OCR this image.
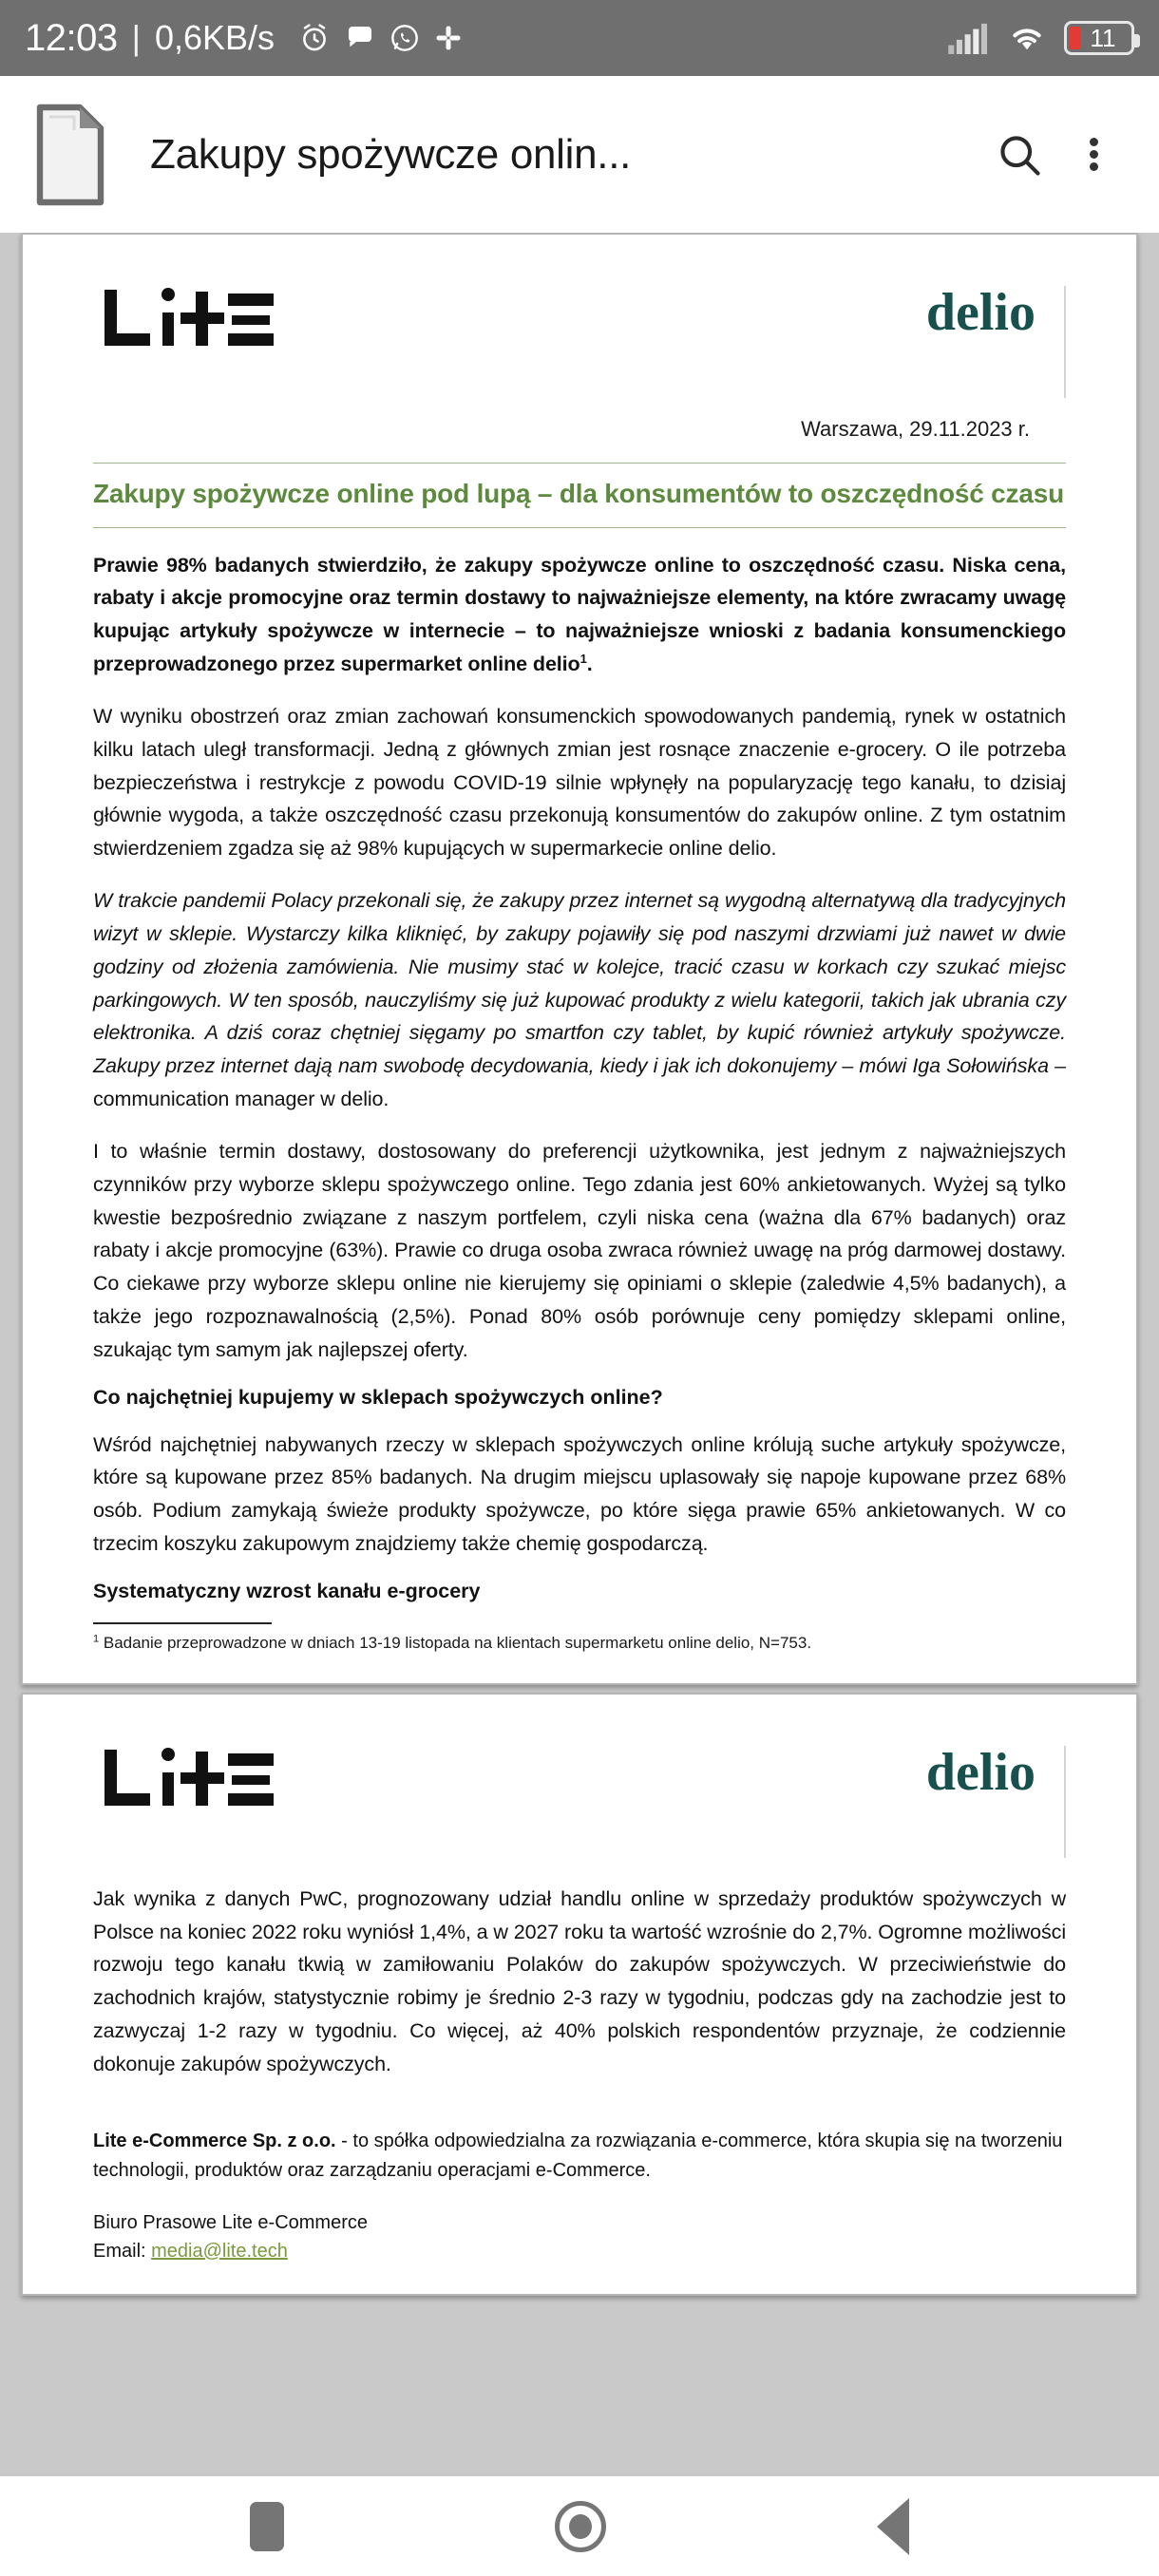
12:03 | 0,6KB/s	11
Zakupy spożywcze onlin...
delio
Warszawa, 29.11.2023 r.
Zakupy spożywcze online pod lupą – dla konsumentów to oszczędność czasu

Prawie 98% badanych stwierdziło, że zakupy spożywcze online to oszczędność czasu. Niska cena, rabaty i akcje promocyjne oraz termin dostawy to najważniejsze elementy, na które zwracamy uwagę kupując artykuły spożywcze w internecie – to najważniejsze wnioski z badania konsumenckiego przeprowadzonego przez supermarket online delio$^1$.

W wyniku obostrzeń oraz zmian zachowań konsumenckich spowodowanych pandemią, rynek w ostatnich kilku latach uległ transformacji. Jedną z głównych zmian jest rosnące znaczenie e-grocery. O ile potrzeba bezpieczeństwa i restrykcje z powodu COVID-19 silnie wpłynęły na popularyzację tego kanału, to dzisiaj głównie wygoda, a także oszczędność czasu przekonują konsumentów do zakupów online. Z tym ostatnim stwierdzeniem zgadza się aż 98% kupujących w supermarkecie online delio.

W trakcie pandemii Polacy przekonali się, że zakupy przez internet są wygodną alternatywą dla tradycyjnych wizyt w sklepie. Wystarczy kilka kliknięć, by zakupy pojawiły się pod naszymi drzwiami już nawet w dwie godziny od złożenia zamówienia. Nie musimy stać w kolejce, tracić czasu w korkach czy szukać miejsc parkingowych. W ten sposób, nauczyliśmy się już kupować produkty z wielu kategorii, takich jak ubrania czy elektronika. A dziś coraz chętniej sięgamy po smartfon czy tablet, by kupić również artykuły spożywcze. Zakupy przez internet dają nam swobodę decydowania, kiedy i jak ich dokonujemy – mówi Iga Sołowińska – communication manager w delio.

I to właśnie termin dostawy, dostosowany do preferencji użytkownika, jest jednym z najważniejszych czynników przy wyborze sklepu spożywczego online. Tego zdania jest 60% ankietowanych. Wyżej są tylko kwestie bezpośrednio związane z naszym portfelem, czyli niska cena (ważna dla 67% badanych) oraz rabaty i akcje promocyjne (63%). Prawie co druga osoba zwraca również uwagę na próg darmowej dostawy. Co ciekawe przy wyborze sklepu online nie kierujemy się opiniami o sklepie (zaledwie 4,5% badanych), a także jego rozpoznawalnością (2,5%). Ponad 80% osób porównuje ceny pomiędzy sklepami online, szukając tym samym jak najlepszej oferty.

Co najchętniej kupujemy w sklepach spożywczych online?

Wśród najchętniej nabywanych rzeczy w sklepach spożywczych online królują suche artykuły spożywcze, które są kupowane przez 85% badanych. Na drugim miejscu uplasowały się napoje kupowane przez 68% osób. Podium zamykają świeże produkty spożywcze, po które sięga prawie 65% ankietowanych. W co trzecim koszyku zakupowym znajdziemy także chemię gospodarczą.

Systematyczny wzrost kanału e-grocery
$^1$ Badanie przeprowadzone w dniach 13-19 listopada na klientach supermarketu online delio, N=753.
delio

Jak wynika z danych PwC, prognozowany udział handlu online w sprzedaży produktów spożywczych w Polsce na koniec 2022 roku wyniósł 1,4%, a w 2027 roku ta wartość wzrośnie do 2,7%. Ogromne możliwości rozwoju tego kanału tkwią w zamiłowaniu Polaków do zakupów spożywczych. W przeciwieństwie do zachodnich krajów, statystycznie robimy je średnio 2-3 razy w tygodniu, podczas gdy na zachodzie jest to zazwyczaj 1-2 razy w tygodniu. Co więcej, aż 40% polskich respondentów przyznaje, że codziennie dokonuje zakupów spożywczych.

Lite e-Commerce Sp. z o.o. - to spółka odpowiedzialna za rozwiązania e-commerce, która skupia się na tworzeniu technologii, produktów oraz zarządzaniu operacjami e-Commerce.

Biuro Prasowe Lite e-Commerce
Email: media@lite.tech
